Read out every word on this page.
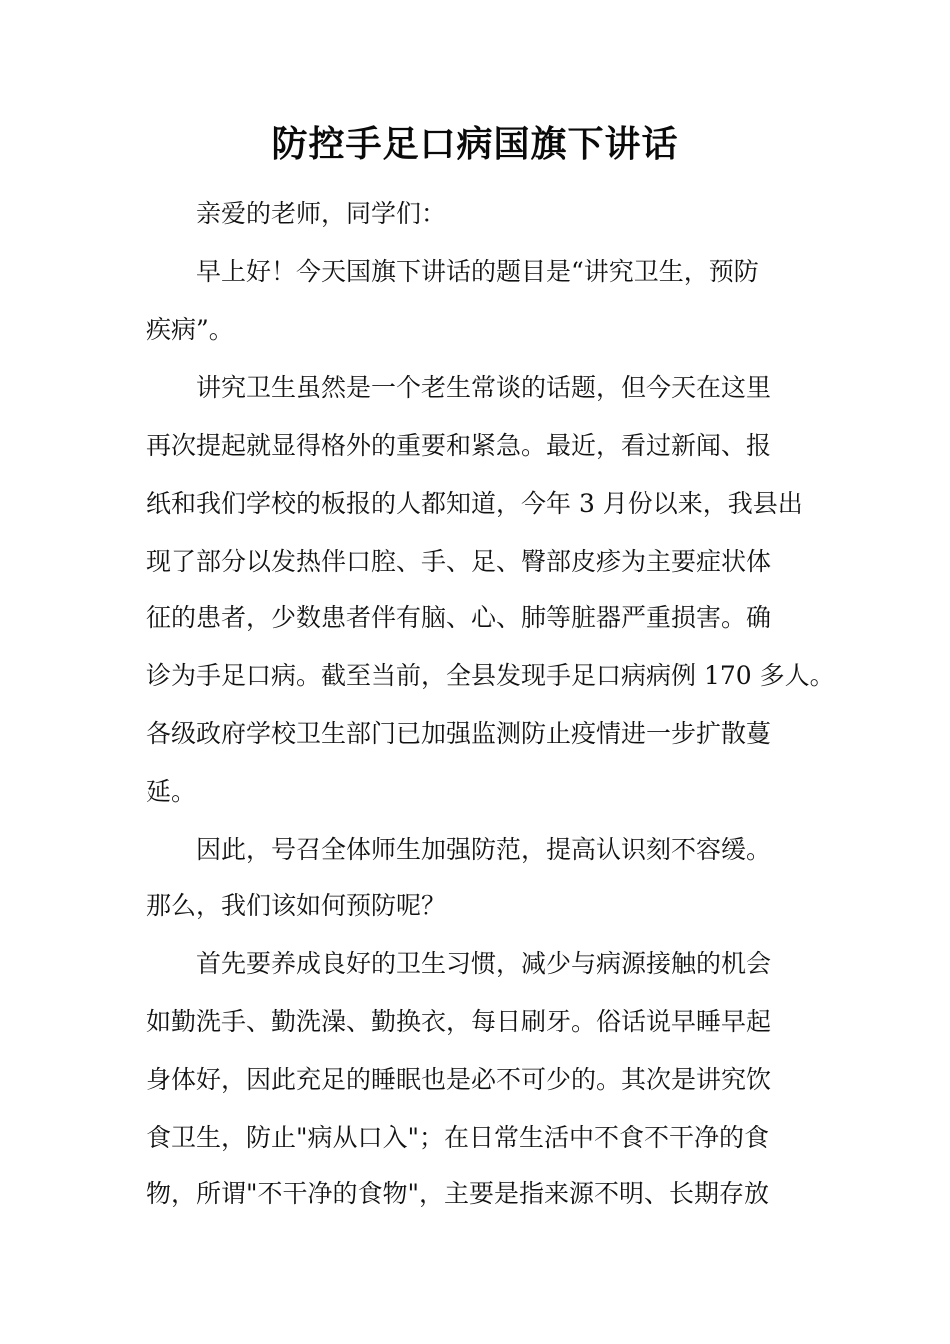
防控手足口病国旗下讲话
亲爱的老师，同学们：
早上好！今天国旗下讲话的题目是“讲究卫生，预防
疾病”。
讲究卫生虽然是一个老生常谈的话题，但今天在这里
再次提起就显得格外的重要和紧急。最近，看过新闻、报
纸和我们学校的板报的人都知道，今年 3 月份以来，我县出
现了部分以发热伴口腔、手、足、臀部皮疹为主要症状体
征的患者，少数患者伴有脑、心、肺等脏器严重损害。确
诊为手足口病。截至当前，全县发现手足口病病例 170 多人。
各级政府学校卫生部门已加强监测防止疫情进一步扩散蔓
延。
因此，号召全体师生加强防范，提高认识刻不容缓。
那么，我们该如何预防呢？
首先要养成良好的卫生习惯，减少与病源接触的机会
如勤洗手、勤洗澡、勤换衣，每日刷牙。俗话说早睡早起
身体好，因此充足的睡眠也是必不可少的。其次是讲究饮
食卫生，防止"病从口入"；在日常生活中不食不干净的食
物，所谓"不干净的食物"，主要是指来源不明、长期存放
